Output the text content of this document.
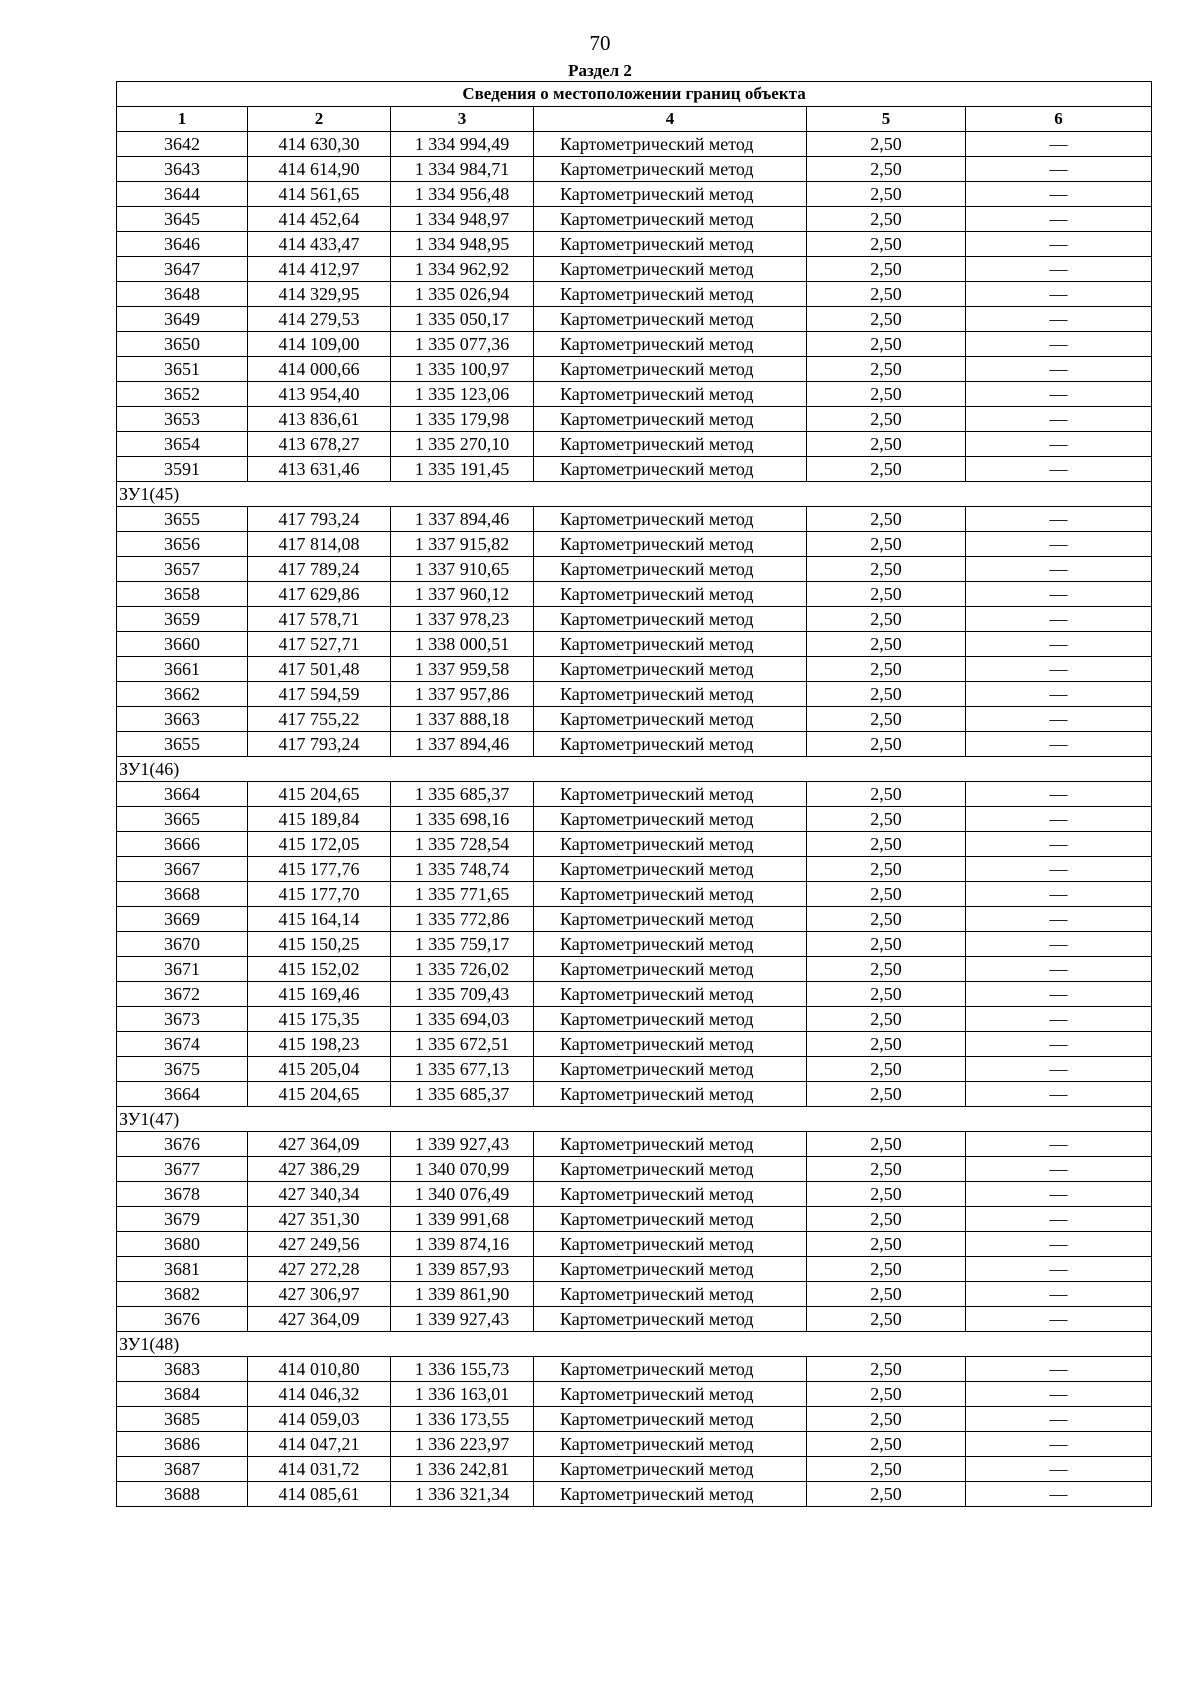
70
Раздел 2
Сведения о местоположении границ объекта					
1	2	3	4	5	6
3642	414 630,30	1 334 994,49	Картометрический метод	2,50	—
3643	414 614,90	1 334 984,71	Картометрический метод	2,50	—
3644	414 561,65	1 334 956,48	Картометрический метод	2,50	—
3645	414 452,64	1 334 948,97	Картометрический метод	2,50	—
3646	414 433,47	1 334 948,95	Картометрический метод	2,50	—
3647	414 412,97	1 334 962,92	Картометрический метод	2,50	—
3648	414 329,95	1 335 026,94	Картометрический метод	2,50	—
3649	414 279,53	1 335 050,17	Картометрический метод	2,50	—
3650	414 109,00	1 335 077,36	Картометрический метод	2,50	—
3651	414 000,66	1 335 100,97	Картометрический метод	2,50	—
3652	413 954,40	1 335 123,06	Картометрический метод	2,50	—
3653	413 836,61	1 335 179,98	Картометрический метод	2,50	—
3654	413 678,27	1 335 270,10	Картометрический метод	2,50	—
3591	413 631,46	1 335 191,45	Картометрический метод	2,50	—
ЗУ1(45)					
3655	417 793,24	1 337 894,46	Картометрический метод	2,50	—
3656	417 814,08	1 337 915,82	Картометрический метод	2,50	—
3657	417 789,24	1 337 910,65	Картометрический метод	2,50	—
3658	417 629,86	1 337 960,12	Картометрический метод	2,50	—
3659	417 578,71	1 337 978,23	Картометрический метод	2,50	—
3660	417 527,71	1 338 000,51	Картометрический метод	2,50	—
3661	417 501,48	1 337 959,58	Картометрический метод	2,50	—
3662	417 594,59	1 337 957,86	Картометрический метод	2,50	—
3663	417 755,22	1 337 888,18	Картометрический метод	2,50	—
3655	417 793,24	1 337 894,46	Картометрический метод	2,50	—
ЗУ1(46)					
3664	415 204,65	1 335 685,37	Картометрический метод	2,50	—
3665	415 189,84	1 335 698,16	Картометрический метод	2,50	—
3666	415 172,05	1 335 728,54	Картометрический метод	2,50	—
3667	415 177,76	1 335 748,74	Картометрический метод	2,50	—
3668	415 177,70	1 335 771,65	Картометрический метод	2,50	—
3669	415 164,14	1 335 772,86	Картометрический метод	2,50	—
3670	415 150,25	1 335 759,17	Картометрический метод	2,50	—
3671	415 152,02	1 335 726,02	Картометрический метод	2,50	—
3672	415 169,46	1 335 709,43	Картометрический метод	2,50	—
3673	415 175,35	1 335 694,03	Картометрический метод	2,50	—
3674	415 198,23	1 335 672,51	Картометрический метод	2,50	—
3675	415 205,04	1 335 677,13	Картометрический метод	2,50	—
3664	415 204,65	1 335 685,37	Картометрический метод	2,50	—
ЗУ1(47)					
3676	427 364,09	1 339 927,43	Картометрический метод	2,50	—
3677	427 386,29	1 340 070,99	Картометрический метод	2,50	—
3678	427 340,34	1 340 076,49	Картометрический метод	2,50	—
3679	427 351,30	1 339 991,68	Картометрический метод	2,50	—
3680	427 249,56	1 339 874,16	Картометрический метод	2,50	—
3681	427 272,28	1 339 857,93	Картометрический метод	2,50	—
3682	427 306,97	1 339 861,90	Картометрический метод	2,50	—
3676	427 364,09	1 339 927,43	Картометрический метод	2,50	—
ЗУ1(48)					
3683	414 010,80	1 336 155,73	Картометрический метод	2,50	—
3684	414 046,32	1 336 163,01	Картометрический метод	2,50	—
3685	414 059,03	1 336 173,55	Картометрический метод	2,50	—
3686	414 047,21	1 336 223,97	Картометрический метод	2,50	—
3687	414 031,72	1 336 242,81	Картометрический метод	2,50	—
3688	414 085,61	1 336 321,34	Картометрический метод	2,50	—
